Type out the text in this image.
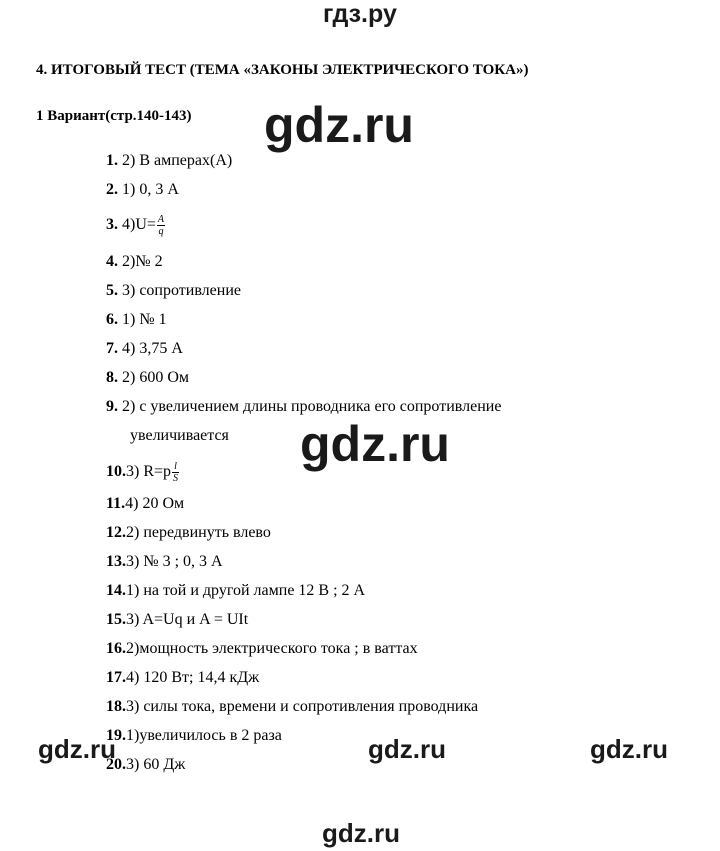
гдз.ру
gdz.ru
gdz.ru
gdz.ru	gdz.ru	gdz.ru
gdz.ru
4. ИТОГОВЫЙ ТЕСТ (ТЕМА «ЗАКОНЫ ЭЛЕКТРИЧЕСКОГО ТОКА»)
1 Вариант(стр.140-143)
1. 2) В амперах(А)
2. 1) 0, 3 А
3. $4)U= \frac{A}{q}$
4. 2)№ 2
5. 3) сопротивление
6. 1) № 1
7. 4) 3,75 А
8. 2) 600 Ом
9. 2) с увеличением длины проводника его сопротивление
увеличивается
10.3) $R=p \frac{l}{S}$
11.4) 20 Ом
12.2) передвинуть влево
13.3) № 3 ; 0, 3 А
14.1) на той и другой лампе 12 В ; 2 А
15.3) A=Uq и A = UIt
16.2)мощность электрического тока ; в ваттах
17.4) 120 Вт; 14,4 кДж
18.3) силы тока, времени и сопротивления проводника
19.1)увеличилось в 2 раза
20.3) 60 Дж
